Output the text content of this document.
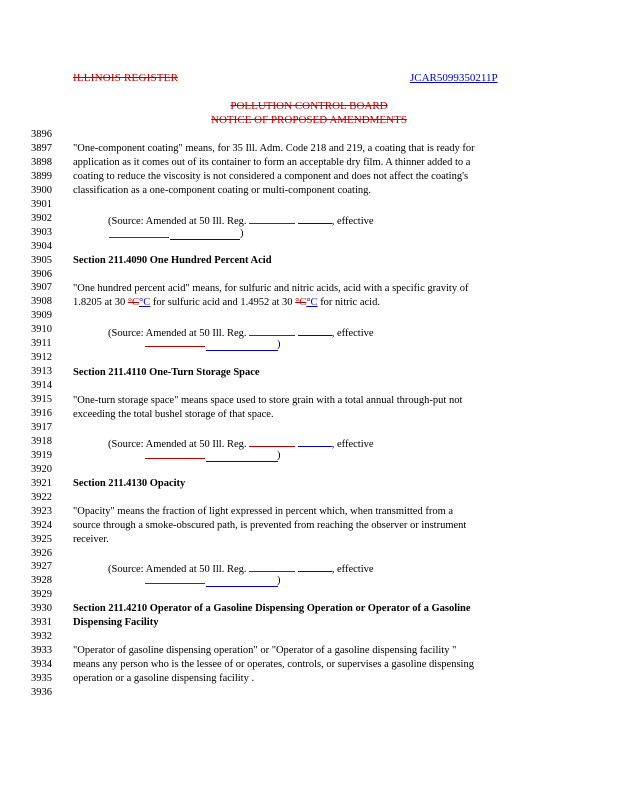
ILLINOIS REGISTER	JCAR5099350211P
POLLUTION CONTROL BOARD
NOTICE OF PROPOSED AMENDMENTS
3896
3897
3898
3899
3900
3901
3902
3903
3904
3905
3906
3907
3908
3909
3910
3911
3912
3913
3914
3915
3916
3917
3918
3919
3920
3921
3922
3923
3924
3925
3926
3927
3928
3929
3930
3931
3932
3933
3934
3935
3936
"One-component coating" means, for 35 Ill. Adm. Code 218 and 219, a coating that is ready for
application as it comes out of its container to form an acceptable dry film. A thinner added to a
coating to reduce the viscosity is not considered a component and does not affect the coating's
classification as a one-component coating or multi-component coating.
(Source: Amended at 50 Ill. Reg.	, effective
)
Section 211.4090 One Hundred Percent Acid
"One hundred percent acid" means, for sulfuric and nitric acids, acid with a specific gravity of
1.8205 at 30 °C°C for sulfuric acid and 1.4952 at 30 °C°C for nitric acid.
(Source: Amended at 50 Ill. Reg.	, effective
)
Section 211.4110 One-Turn Storage Space
"One-turn storage space" means space used to store grain with a total annual through-put not
exceeding the total bushel storage of that space.
(Source: Amended at 50 Ill. Reg.	, effective
)
Section 211.4130 Opacity
"Opacity" means the fraction of light expressed in percent which, when transmitted from a
source through a smoke-obscured path, is prevented from reaching the observer or instrument
receiver.
(Source: Amended at 50 Ill. Reg.	, effective
)
Section 211.4210 Operator of a Gasoline Dispensing Operation or Operator of a Gasoline
Dispensing Facility
"Operator of gasoline dispensing operation" or "Operator of a gasoline dispensing facility "
means any person who is the lessee of or operates, controls, or supervises a gasoline dispensing
operation or a gasoline dispensing facility .
